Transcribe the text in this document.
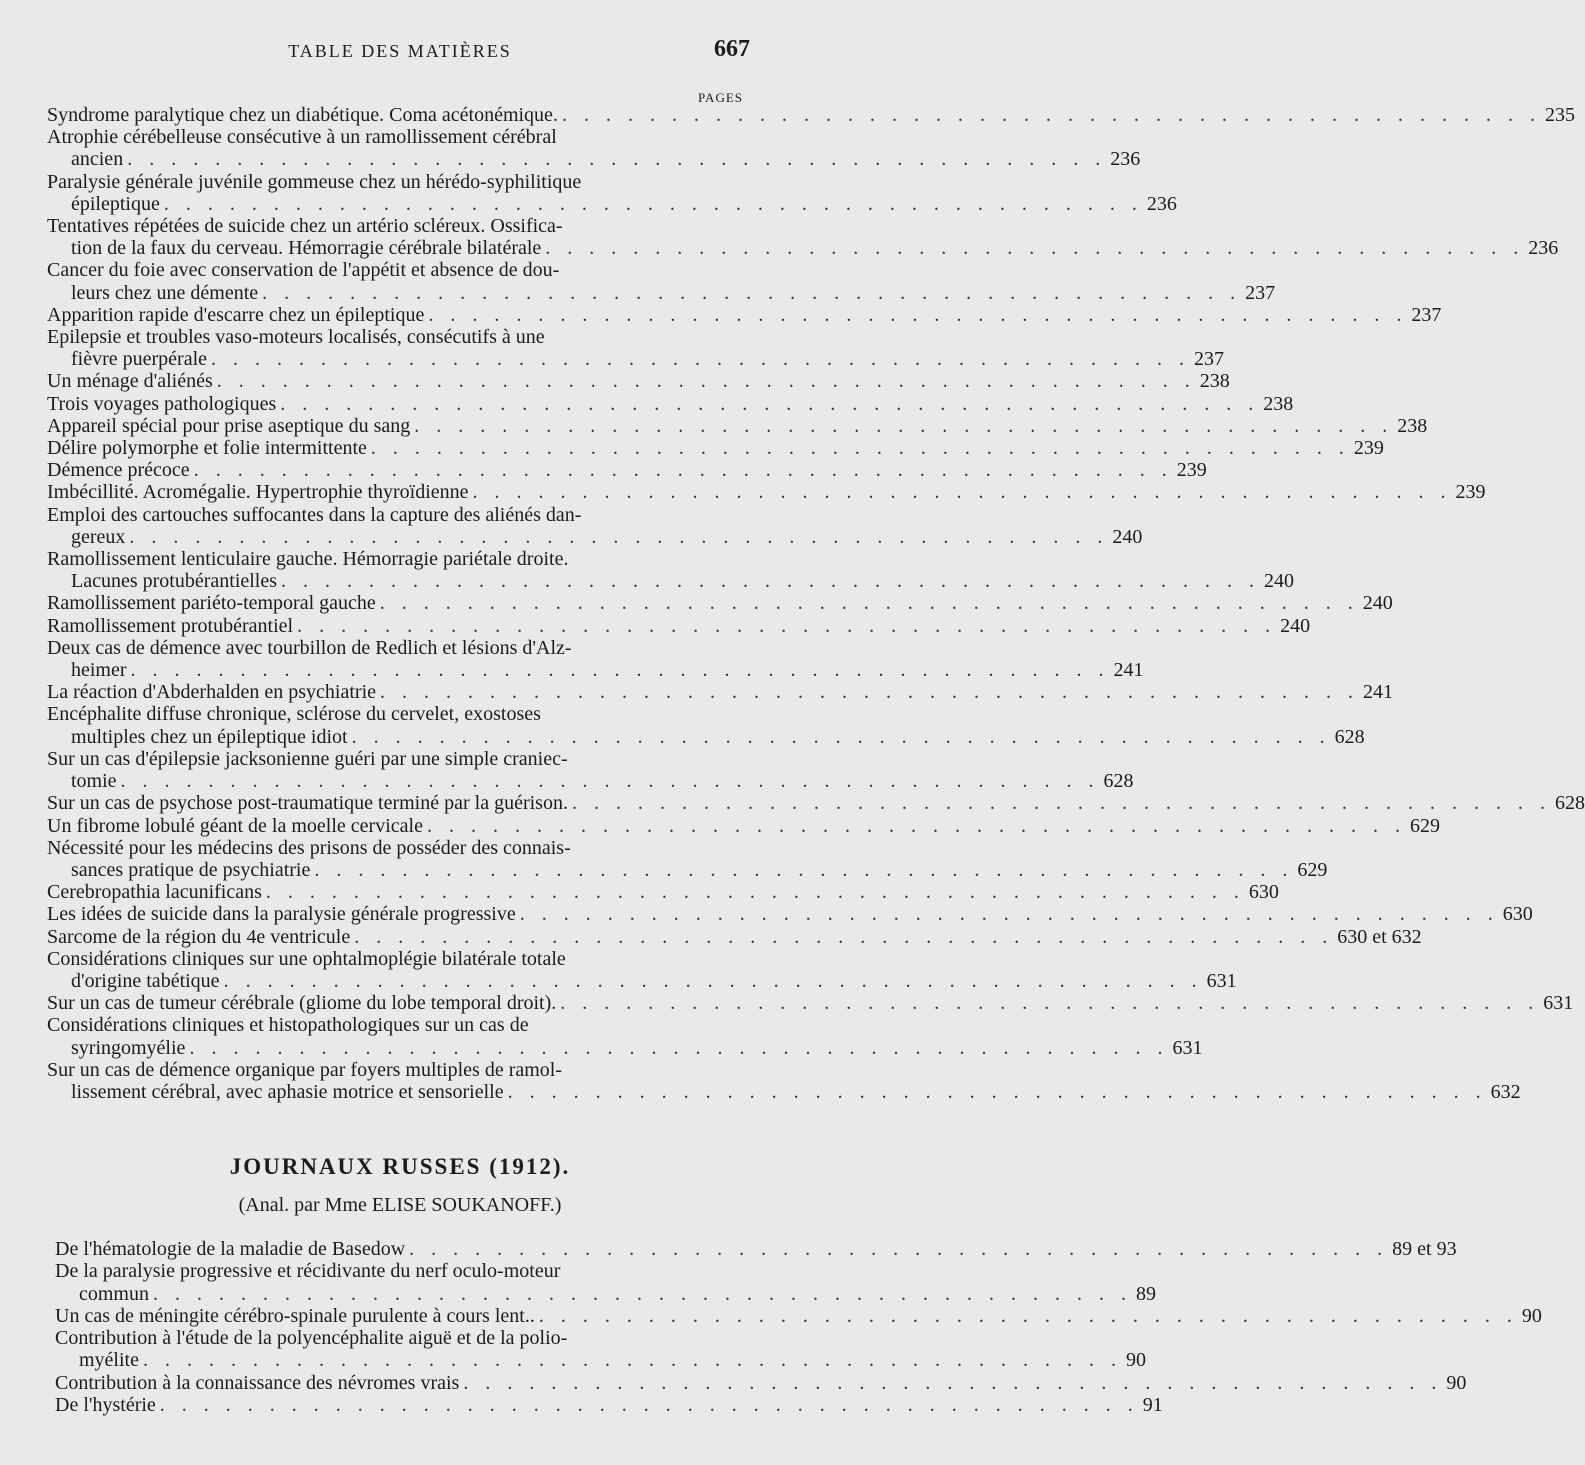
TABLE DES MATIÈRES	667
PAGES
Syndrome paralytique chez un diabétique. Coma acétonémique. . . . . . . . . . . . . . . . . . . . . . . . . . . . . . . . . . . . . . . . . . . . . . 235
Atrophie cérébelleuse consécutive à un ramollissement cérébral
ancien . . . . . . . . . . . . . . . . . . . . . . . . . . . . . . . . . . . . . . . . . . . . . 236
Paralysie générale juvénile gommeuse chez un hérédo-syphilitique
épileptique . . . . . . . . . . . . . . . . . . . . . . . . . . . . . . . . . . . . . . . . . . . . . 236
Tentatives répétées de suicide chez un artério scléreux. Ossifica-
tion de la faux du cerveau. Hémorragie cérébrale bilatérale . . . . . . . . . . . . . . . . . . . . . . . . . . . . . . . . . . . . . . . . . . . . . 236
Cancer du foie avec conservation de l'appétit et absence de dou-
leurs chez une démente . . . . . . . . . . . . . . . . . . . . . . . . . . . . . . . . . . . . . . . . . . . . . 237
Apparition rapide d'escarre chez un épileptique . . . . . . . . . . . . . . . . . . . . . . . . . . . . . . . . . . . . . . . . . . . . . 237
Epilepsie et troubles vaso-moteurs localisés, consécutifs à une
fièvre puerpérale . . . . . . . . . . . . . . . . . . . . . . . . . . . . . . . . . . . . . . . . . . . . . 237
Un ménage d'aliénés . . . . . . . . . . . . . . . . . . . . . . . . . . . . . . . . . . . . . . . . . . . . . 238
Trois voyages pathologiques . . . . . . . . . . . . . . . . . . . . . . . . . . . . . . . . . . . . . . . . . . . . . 238
Appareil spécial pour prise aseptique du sang . . . . . . . . . . . . . . . . . . . . . . . . . . . . . . . . . . . . . . . . . . . . . 238
Délire polymorphe et folie intermittente . . . . . . . . . . . . . . . . . . . . . . . . . . . . . . . . . . . . . . . . . . . . . 239
Démence précoce . . . . . . . . . . . . . . . . . . . . . . . . . . . . . . . . . . . . . . . . . . . . . 239
Imbécillité. Acromégalie. Hypertrophie thyroïdienne . . . . . . . . . . . . . . . . . . . . . . . . . . . . . . . . . . . . . . . . . . . . . 239
Emploi des cartouches suffocantes dans la capture des aliénés dan-
gereux . . . . . . . . . . . . . . . . . . . . . . . . . . . . . . . . . . . . . . . . . . . . . 240
Ramollissement lenticulaire gauche. Hémorragie pariétale droite.
Lacunes protubérantielles . . . . . . . . . . . . . . . . . . . . . . . . . . . . . . . . . . . . . . . . . . . . . 240
Ramollissement pariéto-temporal gauche . . . . . . . . . . . . . . . . . . . . . . . . . . . . . . . . . . . . . . . . . . . . . 240
Ramollissement protubérantiel . . . . . . . . . . . . . . . . . . . . . . . . . . . . . . . . . . . . . . . . . . . . . 240
Deux cas de démence avec tourbillon de Redlich et lésions d'Alz-
heimer . . . . . . . . . . . . . . . . . . . . . . . . . . . . . . . . . . . . . . . . . . . . . 241
La réaction d'Abderhalden en psychiatrie . . . . . . . . . . . . . . . . . . . . . . . . . . . . . . . . . . . . . . . . . . . . . 241
Encéphalite diffuse chronique, sclérose du cervelet, exostoses
multiples chez un épileptique idiot . . . . . . . . . . . . . . . . . . . . . . . . . . . . . . . . . . . . . . . . . . . . . 628
Sur un cas d'épilepsie jacksonienne guéri par une simple craniec-
tomie . . . . . . . . . . . . . . . . . . . . . . . . . . . . . . . . . . . . . . . . . . . . . 628
Sur un cas de psychose post-traumatique terminé par la guérison. . . . . . . . . . . . . . . . . . . . . . . . . . . . . . . . . . . . . . . . . . . . . . 628
Un fibrome lobulé géant de la moelle cervicale . . . . . . . . . . . . . . . . . . . . . . . . . . . . . . . . . . . . . . . . . . . . . 629
Nécessité pour les médecins des prisons de posséder des connais-
sances pratique de psychiatrie . . . . . . . . . . . . . . . . . . . . . . . . . . . . . . . . . . . . . . . . . . . . . 629
Cerebropathia lacunificans . . . . . . . . . . . . . . . . . . . . . . . . . . . . . . . . . . . . . . . . . . . . . 630
Les idées de suicide dans la paralysie générale progressive . . . . . . . . . . . . . . . . . . . . . . . . . . . . . . . . . . . . . . . . . . . . . 630
Sarcome de la région du 4e ventricule . . . . . . . . . . . . . . . . . . . . . . . . . . . . . . . . . . . . . . . . . . . . . 630 et 632
Considérations cliniques sur une ophtalmoplégie bilatérale totale
d'origine tabétique . . . . . . . . . . . . . . . . . . . . . . . . . . . . . . . . . . . . . . . . . . . . . 631
Sur un cas de tumeur cérébrale (gliome du lobe temporal droit). . . . . . . . . . . . . . . . . . . . . . . . . . . . . . . . . . . . . . . . . . . . . . 631
Considérations cliniques et histopathologiques sur un cas de
syringomyélie . . . . . . . . . . . . . . . . . . . . . . . . . . . . . . . . . . . . . . . . . . . . . 631
Sur un cas de démence organique par foyers multiples de ramol-
lissement cérébral, avec aphasie motrice et sensorielle . . . . . . . . . . . . . . . . . . . . . . . . . . . . . . . . . . . . . . . . . . . . . 632
JOURNAUX RUSSES (1912).
(Anal. par Mme ELISE SOUKANOFF.)
De l'hématologie de la maladie de Basedow . . . . . . . . . . . . . . . . . . . . . . . . . . . . . . . . . . . . . . . . . . . . . 89 et 93
De la paralysie progressive et récidivante du nerf oculo-moteur
commun . . . . . . . . . . . . . . . . . . . . . . . . . . . . . . . . . . . . . . . . . . . . . 89
Un cas de méningite cérébro-spinale purulente à cours lent.. . . . . . . . . . . . . . . . . . . . . . . . . . . . . . . . . . . . . . . . . . . . . . 90
Contribution à l'étude de la polyencéphalite aiguë et de la polio-
myélite . . . . . . . . . . . . . . . . . . . . . . . . . . . . . . . . . . . . . . . . . . . . . 90
Contribution à la connaissance des névromes vrais . . . . . . . . . . . . . . . . . . . . . . . . . . . . . . . . . . . . . . . . . . . . . 90
De l'hystérie . . . . . . . . . . . . . . . . . . . . . . . . . . . . . . . . . . . . . . . . . . . . . 91
